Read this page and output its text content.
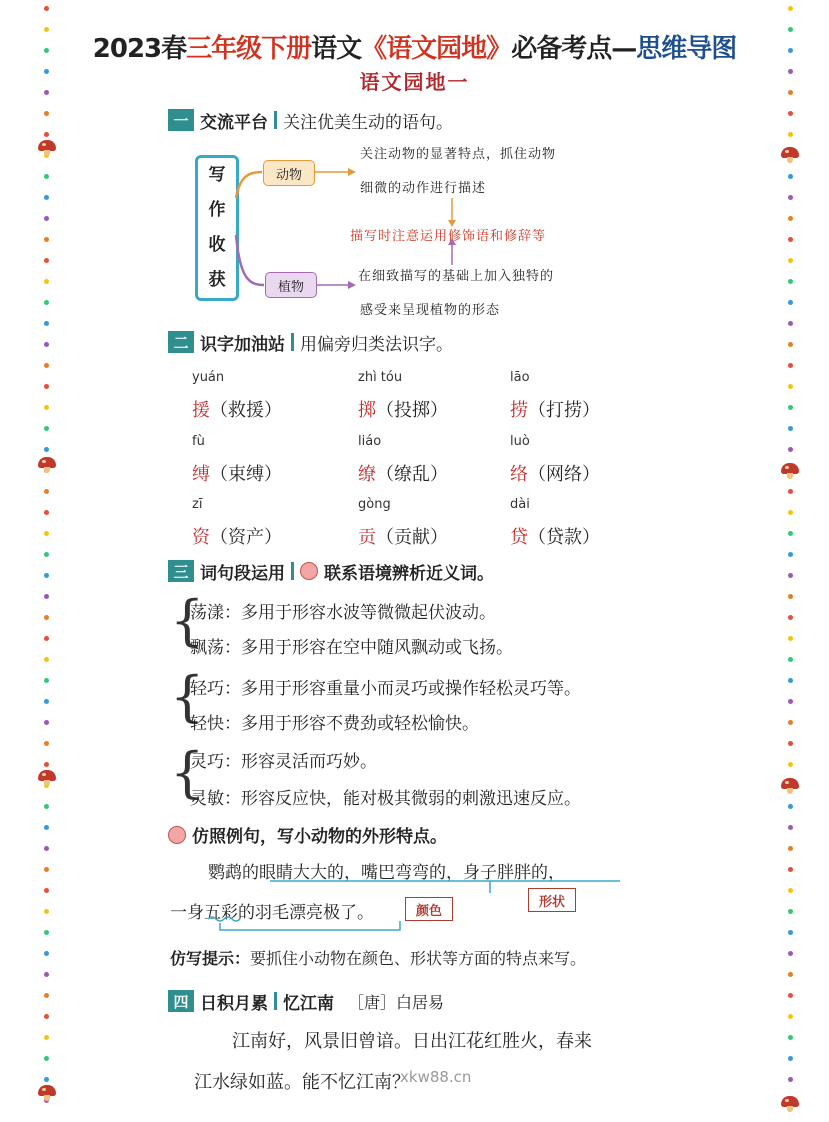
2023春三年级下册语文《语文园地》必备考点—思维导图
语文园地一
一 交流平台 关注优美生动的语句。
写
作
收
获
动物
植物
关注动物的显著特点，抓住动物
细微的动作进行描述
描写时注意运用修饰语和修辞等
在细致描写的基础上加入独特的
感受来呈现植物的形态
二 识字加油站 用偏旁归类法识字。
yuán
援（救援）
zhì tóu
掷（投掷）
lāo
捞（打捞）
fù
缚（束缚）
liáo
缭（缭乱）
luò
络（网络）
zī
资（资产）
gòng
贡（贡献）
dài
贷（贷款）
三 词句段运用 联系语境辨析近义词。
{
荡漾：多用于形容水波等微微起伏波动。
飘荡：多用于形容在空中随风飘动或飞扬。
{
轻巧：多用于形容重量小而灵巧或操作轻松灵巧等。
轻快：多用于形容不费劲或轻松愉快。
{
灵巧：形容灵活而巧妙。
灵敏：形容反应快，能对极其微弱的刺激迅速反应。
仿照例句，写小动物的外形特点。
鹦鹉的眼睛大大的，嘴巴弯弯的，身子胖胖的，
一身五彩的羽毛漂亮极了。	颜色
形状
仿写提示：要抓住小动物在颜色、形状等方面的特点来写。
四 日积月累 忆江南 ［唐］白居易
江南好，风景旧曾谙。日出江花红胜火，春来
江水绿如蓝。能不忆江南？
xkw88.cn
